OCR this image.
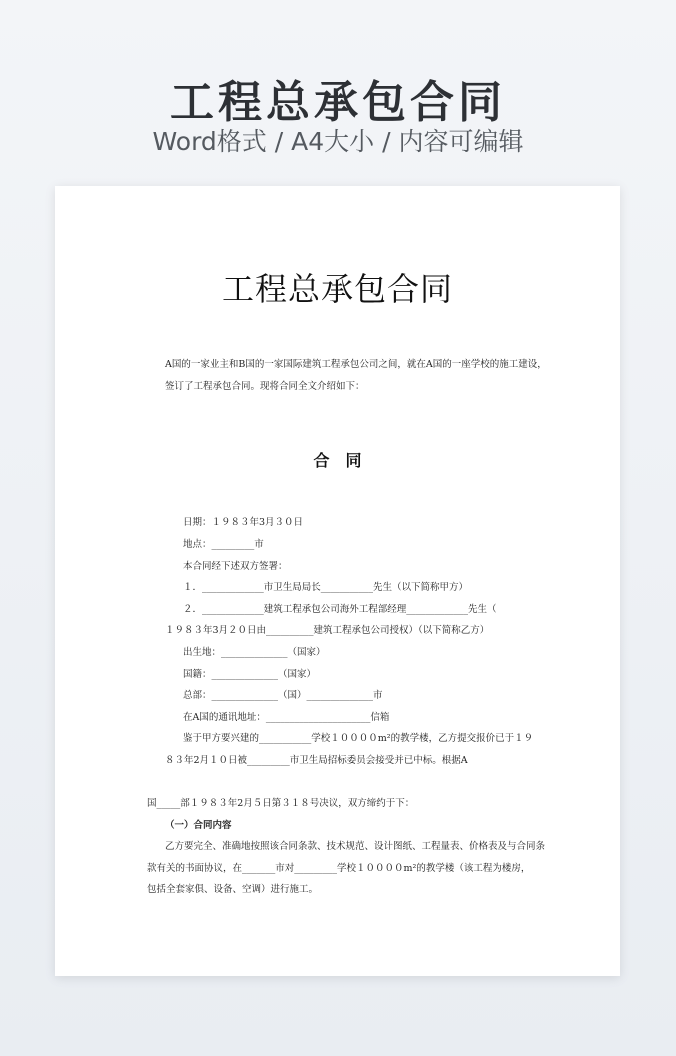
工程总承包合同
Word格式 / A4大小 / 内容可编辑
工程总承包合同
A国的一家业主和B国的一家国际建筑工程承包公司之间，就在A国的一座学校的施工建设，
签订了工程承包合同。现将合同全文介绍如下：
合　同
日期：１９８３年3月３０日
地点：_________市
本合同经下述双方签署：
１．_____________市卫生局局长___________先生（以下简称甲方）
２．_____________建筑工程承包公司海外工程部经理_____________先生（
１９８３年3月２０日由__________建筑工程承包公司授权）（以下简称乙方）
出生地：______________（国家）
国籍：______________（国家）
总部：______________（国）______________市
在A国的通讯地址：______________________信箱
鉴于甲方要兴建的___________学校１００００m²的教学楼，乙方提交报价已于１９
８３年2月１０日被_________市卫生局招标委员会接受并已中标。根据A
国_____部１９８３年2月５日第３１８号决议，双方缔约于下：
（一）合同内容
乙方要完全、准确地按照该合同条款、技术规范、设计图纸、工程量表、价格表及与合同条
款有关的书面协议，在_______市对_________学校１００００m²的教学楼（该工程为楼房，
包括全套家俱、设备、空调）进行施工。
